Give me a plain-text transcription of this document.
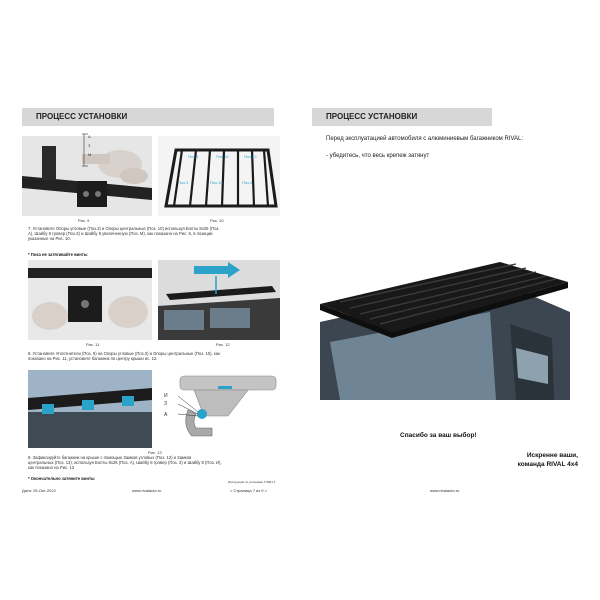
ПРОЦЕСС УСТАНОВКИ
А
З
М
Рис. 9
Поз.3	Поз.10	Поз.10
Поз.3	Поз.10	Поз.3
Рис. 10
7. Установите Опоры угловые (Поз.3) и Опоры центральные (Поз. 10) используя Болты 8х25 (Поз.
А), Шайбу 8 гровер (Поз.З) и Шайбу 8 увеличенную (Поз. М), как показано на Рис. 9, в позиции
указанные на Рис. 10.
* Пока не затягивайте винты
Рис. 11	Рис. 12
8. Установите Уплотнители (Поз. 9) на Опоры угловые (Поз.3) и Опоры центральные (Поз. 10), как
показано на Рис. 11, установите багажник по центру крыши ис. 12.
И
З
А
Рис. 13
9. Зафиксируйте багажник на крыше с помощью Замков угловых (Поз. 12) и Замков
центральных (Поз. 13), используя Болты 8х25 (Поз. А), Шайбу 8 гровер (Поз. З) и Шайбу 8 (Поз. И),
как показано на Рис. 13
* Окончательно затяните винты
Дата: 25-Окт-2022	www.rivalauto.ru
Инструкция по установке T.0001.1
< Страница 7 из 9 >
ПРОЦЕСС УСТАНОВКИ
Перед эксплуатацией автомобиля с алюминиевым багажником RIVAL:
- убедитесь, что весь крепеж затянут
Спасибо за ваш выбор!
Искренне ваши,
команда RIVAL 4x4
www.rivalauto.ru
